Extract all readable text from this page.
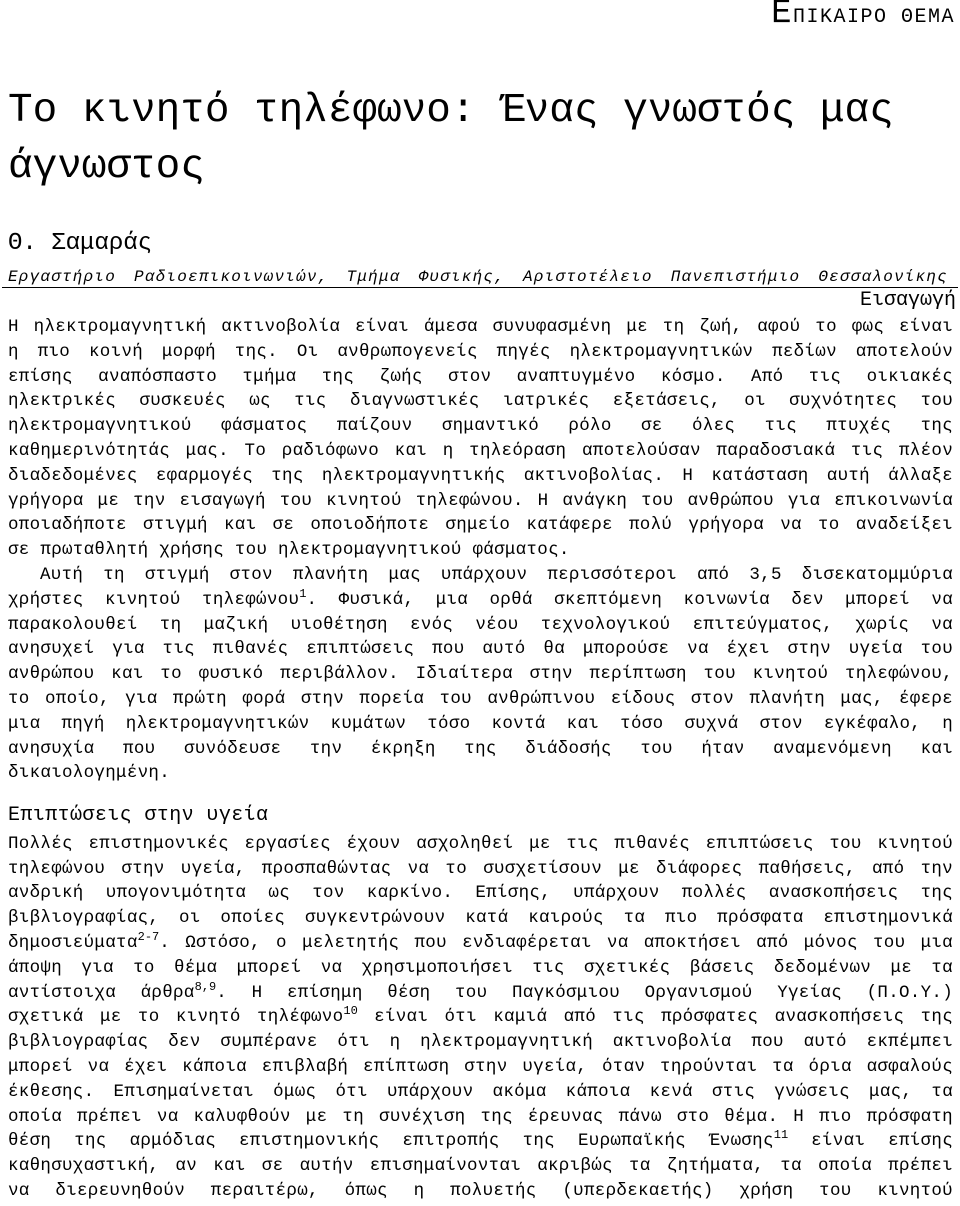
ΕΠΙΚΑΙΡΟ ΘΕΜΑ
Το κινητό τηλέφωνο: Ένας γνωστός μας άγνωστος
Θ. Σαμαράς
Εργαστήριο Ραδιοεπικοινωνιών, Τμήμα Φυσικής, Αριστοτέλειο Πανεπιστήμιο Θεσσαλονίκης
Εισαγωγή
Η ηλεκτρομαγνητική ακτινοβολία είναι άμεσα συνυφασμένη με τη ζωή, αφού το φως είναι
η πιο κοινή μορφή της. Οι ανθρωπογενείς πηγές ηλεκτρομαγνητικών πεδίων αποτελούν
επίσης αναπόσπαστο τμήμα της ζωής στον αναπτυγμένο κόσμο. Από τις οικιακές
ηλεκτρικές συσκευές ως τις διαγνωστικές ιατρικές εξετάσεις, οι συχνότητες του
ηλεκτρομαγνητικού φάσματος παίζουν σημαντικό ρόλο σε όλες τις πτυχές της
καθημερινότητάς μας. Το ραδιόφωνο και η τηλεόραση αποτελούσαν παραδοσιακά τις πλέον
διαδεδομένες εφαρμογές της ηλεκτρομαγνητικής ακτινοβολίας. Η κατάσταση αυτή άλλαξε
γρήγορα με την εισαγωγή του κινητού τηλεφώνου. Η ανάγκη του ανθρώπου για επικοινωνία
οποιαδήποτε στιγμή και σε οποιοδήποτε σημείο κατάφερε πολύ γρήγορα να το αναδείξει
σε πρωταθλητή χρήσης του ηλεκτρομαγνητικού φάσματος.
Αυτή τη στιγμή στον πλανήτη μας υπάρχουν περισσότεροι από 3,5 δισεκατομμύρια
χρήστες κινητού τηλεφώνου$^1$. Φυσικά, μια ορθά σκεπτόμενη κοινωνία δεν μπορεί να
παρακολουθεί τη μαζική υιοθέτηση ενός νέου τεχνολογικού επιτεύγματος, χωρίς να
ανησυχεί για τις πιθανές επιπτώσεις που αυτό θα μπορούσε να έχει στην υγεία του
ανθρώπου και το φυσικό περιβάλλον. Ιδιαίτερα στην περίπτωση του κινητού τηλεφώνου,
το οποίο, για πρώτη φορά στην πορεία του ανθρώπινου είδους στον πλανήτη μας, έφερε
μια πηγή ηλεκτρομαγνητικών κυμάτων τόσο κοντά και τόσο συχνά στον εγκέφαλο, η
ανησυχία που συνόδευσε την έκρηξη της διάδοσής του ήταν αναμενόμενη και
δικαιολογημένη.
Επιπτώσεις στην υγεία
Πολλές επιστημονικές εργασίες έχουν ασχοληθεί με τις πιθανές επιπτώσεις του κινητού
τηλεφώνου στην υγεία, προσπαθώντας να το συσχετίσουν με διάφορες παθήσεις, από την
ανδρική υπογονιμότητα ως τον καρκίνο. Επίσης, υπάρχουν πολλές ανασκοπήσεις της
βιβλιογραφίας, οι οποίες συγκεντρώνουν κατά καιρούς τα πιο πρόσφατα επιστημονικά
δημοσιεύματα$^{2-7}$. Ωστόσο, ο μελετητής που ενδιαφέρεται να αποκτήσει από μόνος του μια
άποψη για το θέμα μπορεί να χρησιμοποιήσει τις σχετικές βάσεις δεδομένων με τα
αντίστοιχα άρθρα$^{8,9}$. Η επίσημη θέση του Παγκόσμιου Οργανισμού Υγείας (Π.Ο.Υ.)
σχετικά με το κινητό τηλέφωνο$^{10}$ είναι ότι καμιά από τις πρόσφατες ανασκοπήσεις της
βιβλιογραφίας δεν συμπέρανε ότι η ηλεκτρομαγνητική ακτινοβολία που αυτό εκπέμπει
μπορεί να έχει κάποια επιβλαβή επίπτωση στην υγεία, όταν τηρούνται τα όρια ασφαλούς
έκθεσης. Επισημαίνεται όμως ότι υπάρχουν ακόμα κάποια κενά στις γνώσεις μας, τα
οποία πρέπει να καλυφθούν με τη συνέχιση της έρευνας πάνω στο θέμα. Η πιο πρόσφατη
θέση της αρμόδιας επιστημονικής επιτροπής της Ευρωπαϊκής Ένωσης$^{11}$ είναι επίσης
καθησυχαστική, αν και σε αυτήν επισημαίνονται ακριβώς τα ζητήματα, τα οποία πρέπει
να διερευνηθούν περαιτέρω, όπως η πολυετής (υπερδεκαετής) χρήση του κινητού
